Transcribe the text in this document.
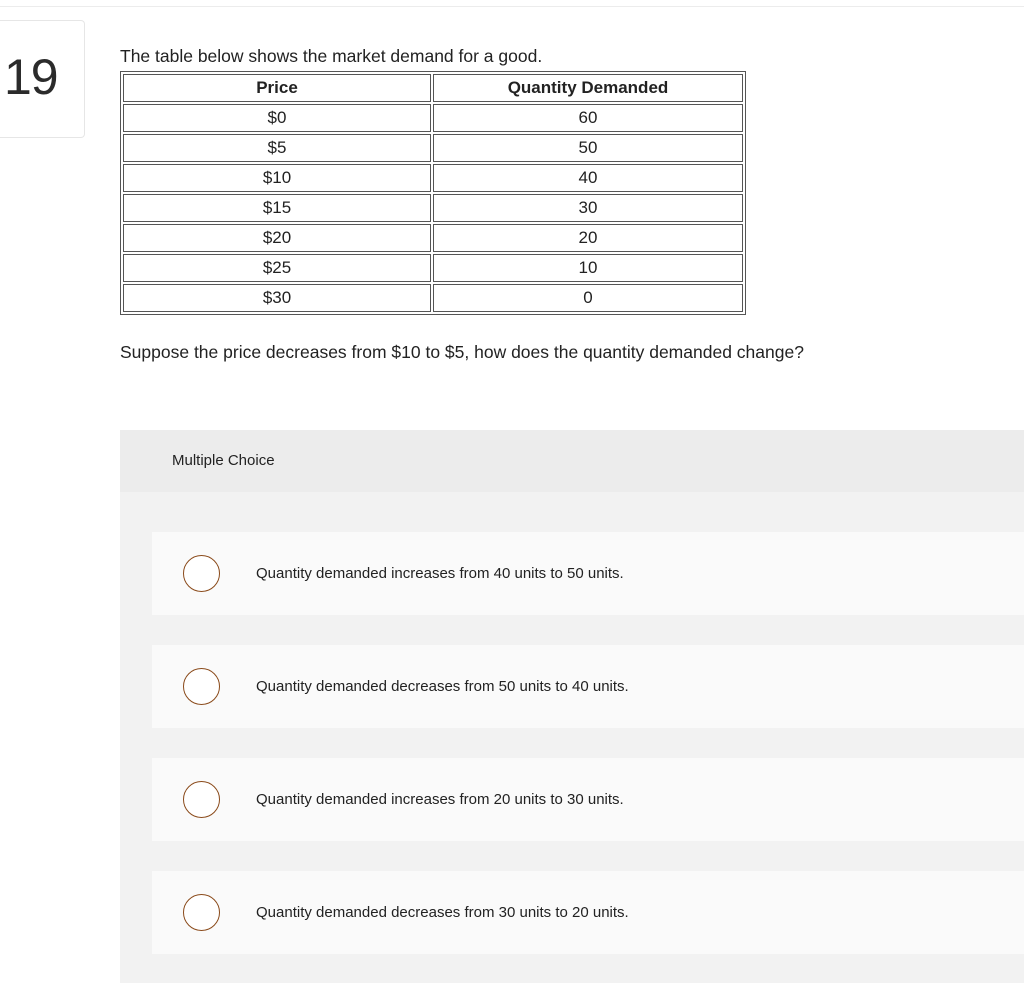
19	The table below shows the market demand for a good.
Price	Quantity Demanded
$0	60
$5	50
$10	40
$15	30
$20	20
$25	10
$30	0
Suppose the price decreases from $10 to $5, how does the quantity demanded change?
Multiple Choice
Quantity demanded increases from 40 units to 50 units.
Quantity demanded decreases from 50 units to 40 units.
Quantity demanded increases from 20 units to 30 units.
Quantity demanded decreases from 30 units to 20 units.
